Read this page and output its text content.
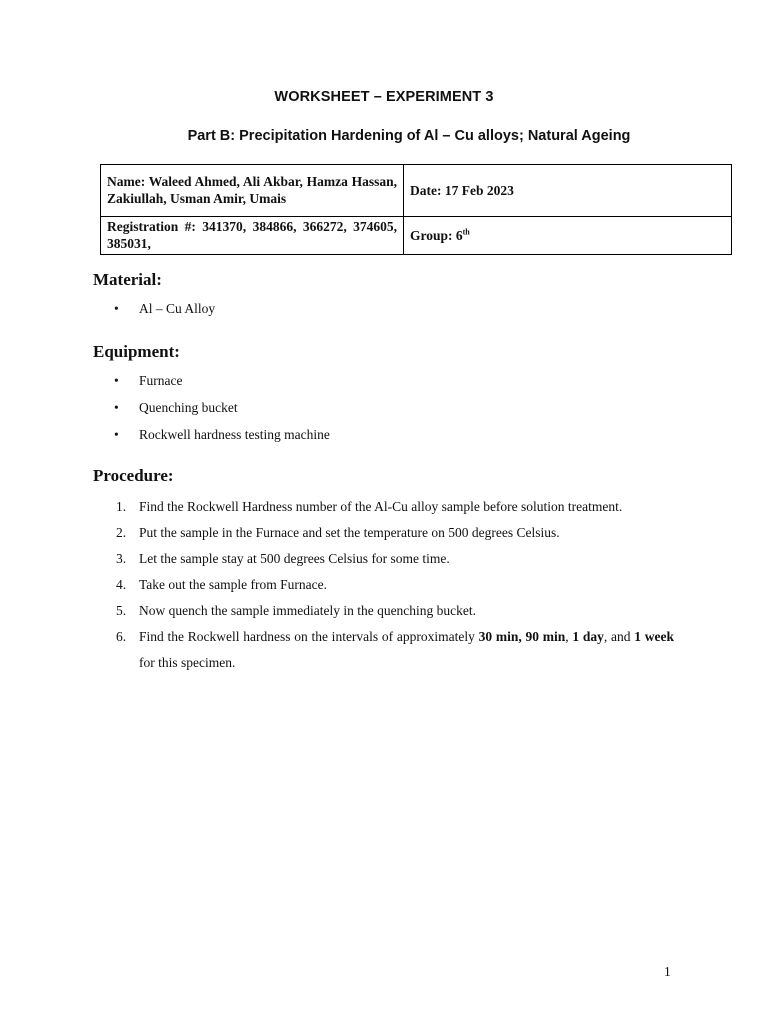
WORKSHEET – EXPERIMENT 3
Part B: Precipitation Hardening of Al – Cu alloys; Natural Ageing
Name: Waleed Ahmed, Ali Akbar, Hamza Hassan, Zakiullah, Usman Amir, Umais	Date: 17 Feb 2023
Registration #: 341370, 384866, 366272, 374605, 385031,	Group: 6th
Material:
• Al – Cu Alloy
Equipment:
• Furnace
• Quenching bucket
• Rockwell hardness testing machine
Procedure:
1. Find the Rockwell Hardness number of the Al-Cu alloy sample before solution treatment.
2. Put the sample in the Furnace and set the temperature on 500 degrees Celsius.
3. Let the sample stay at 500 degrees Celsius for some time.
4. Take out the sample from Furnace.
5. Now quench the sample immediately in the quenching bucket.
6. Find the Rockwell hardness on the intervals of approximately 30 min, 90 min, 1 day, and 1 week for this specimen.
1
